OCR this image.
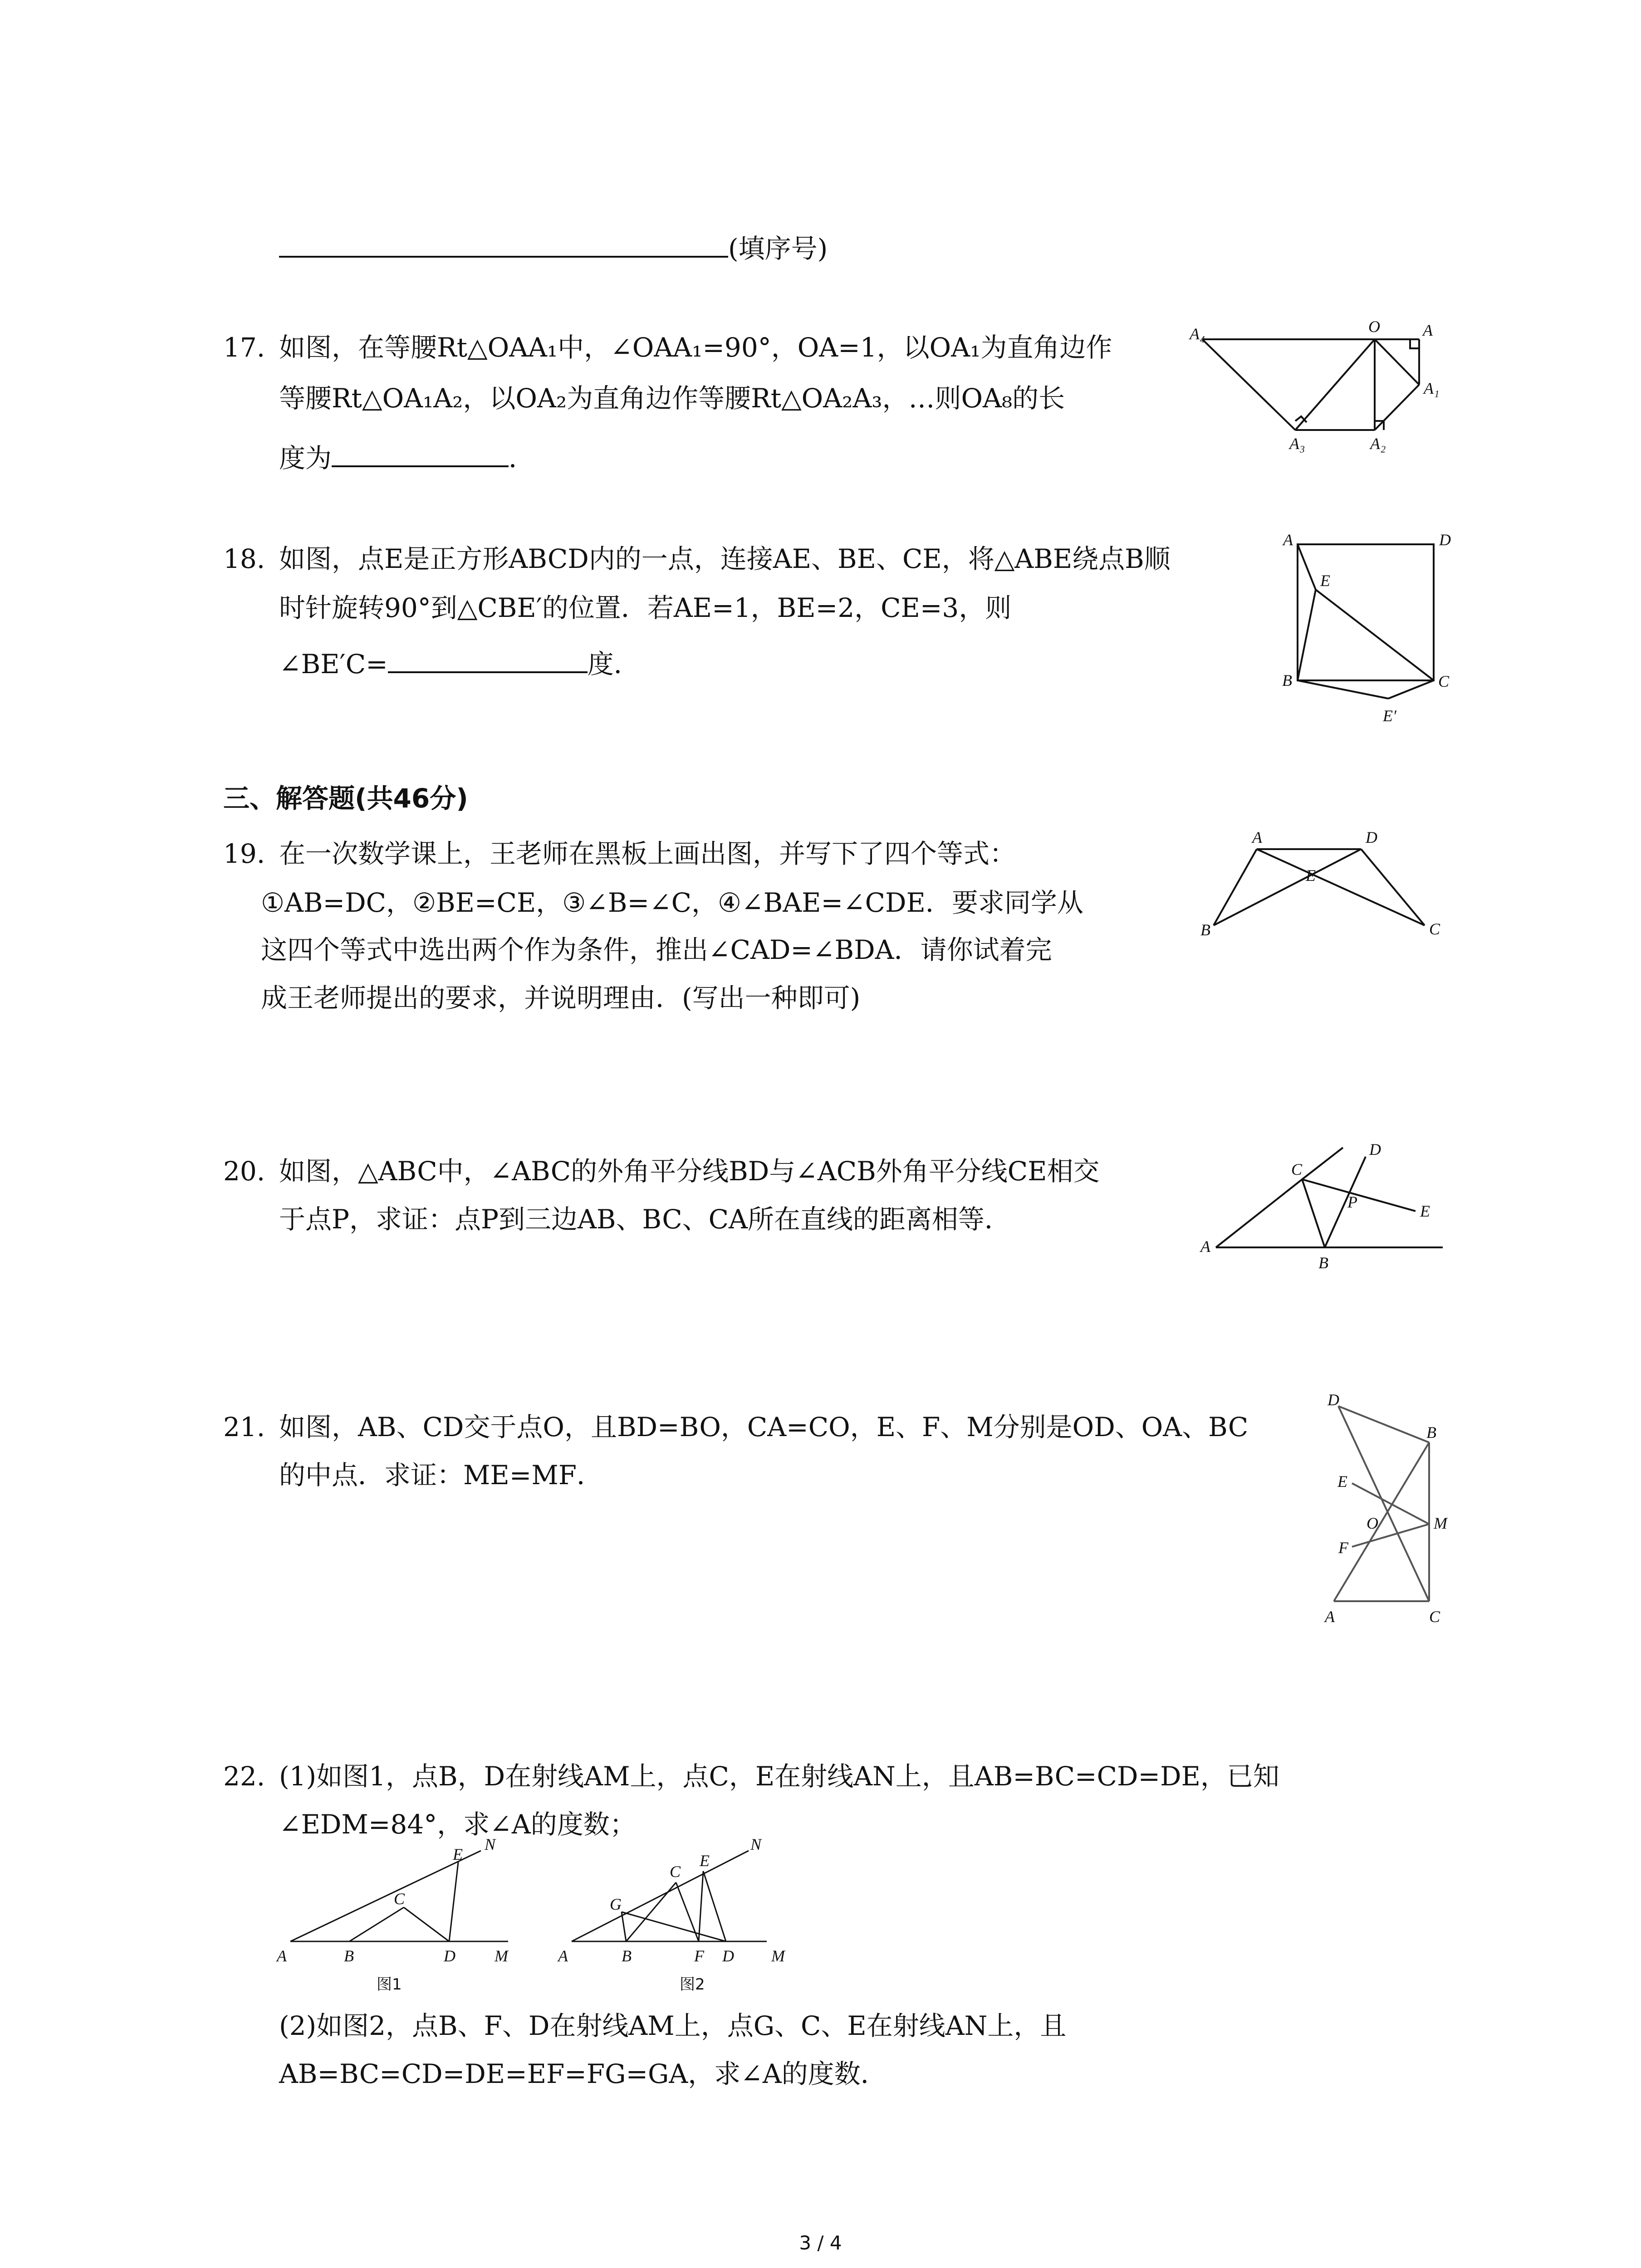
(填序号)
17. 如图，在等腰Rt△OAA₁中，∠OAA₁=90°，OA=1，以OA₁为直角边作
等腰Rt△OA₁A₂，以OA₂为直角边作等腰Rt△OA₂A₃，…则OA₈的长
度为	．
A₄	O	A
A₁
A₂
A₃
18. 如图，点E是正方形ABCD内的一点，连接AE、BE、CE，将△ABE绕点B顺
时针旋转90°到△CBE′的位置．若AE=1，BE=2，CE=3，则
∠BE′C=	度．
A	D
E
B	C
E′
三、解答题(共46分)
19. 在一次数学课上，王老师在黑板上画出图，并写下了四个等式：
①AB=DC，②BE=CE，③∠B=∠C，④∠BAE=∠CDE．要求同学从
这四个等式中选出两个作为条件，推出∠CAD=∠BDA．请你试着完
成王老师提出的要求，并说明理由．(写出一种即可)
A	D
E
B	C
20. 如图，△ABC中，∠ABC的外角平分线BD与∠ACB外角平分线CE相交
于点P，求证：点P到三边AB、BC、CA所在直线的距离相等．
A
C
D
P	E
B
21. 如图，AB、CD交于点O，且BD=BO，CA=CO，E、F、M分别是OD、OA、BC
的中点．求证：ME=MF．
D
B
E
O	M
F
A	C
22. (1)如图1，点B，D在射线AM上，点C，E在射线AN上，且AB=BC=CD=DE，已知
∠EDM=84°，求∠A的度数；
N
E
C
A	B	D M
图1
N
E
C
G
A	B	F D M
图2
(2)如图2，点B、F、D在射线AM上，点G、C、E在射线AN上，且
AB=BC=CD=DE=EF=FG=GA，求∠A的度数．
3 / 4
